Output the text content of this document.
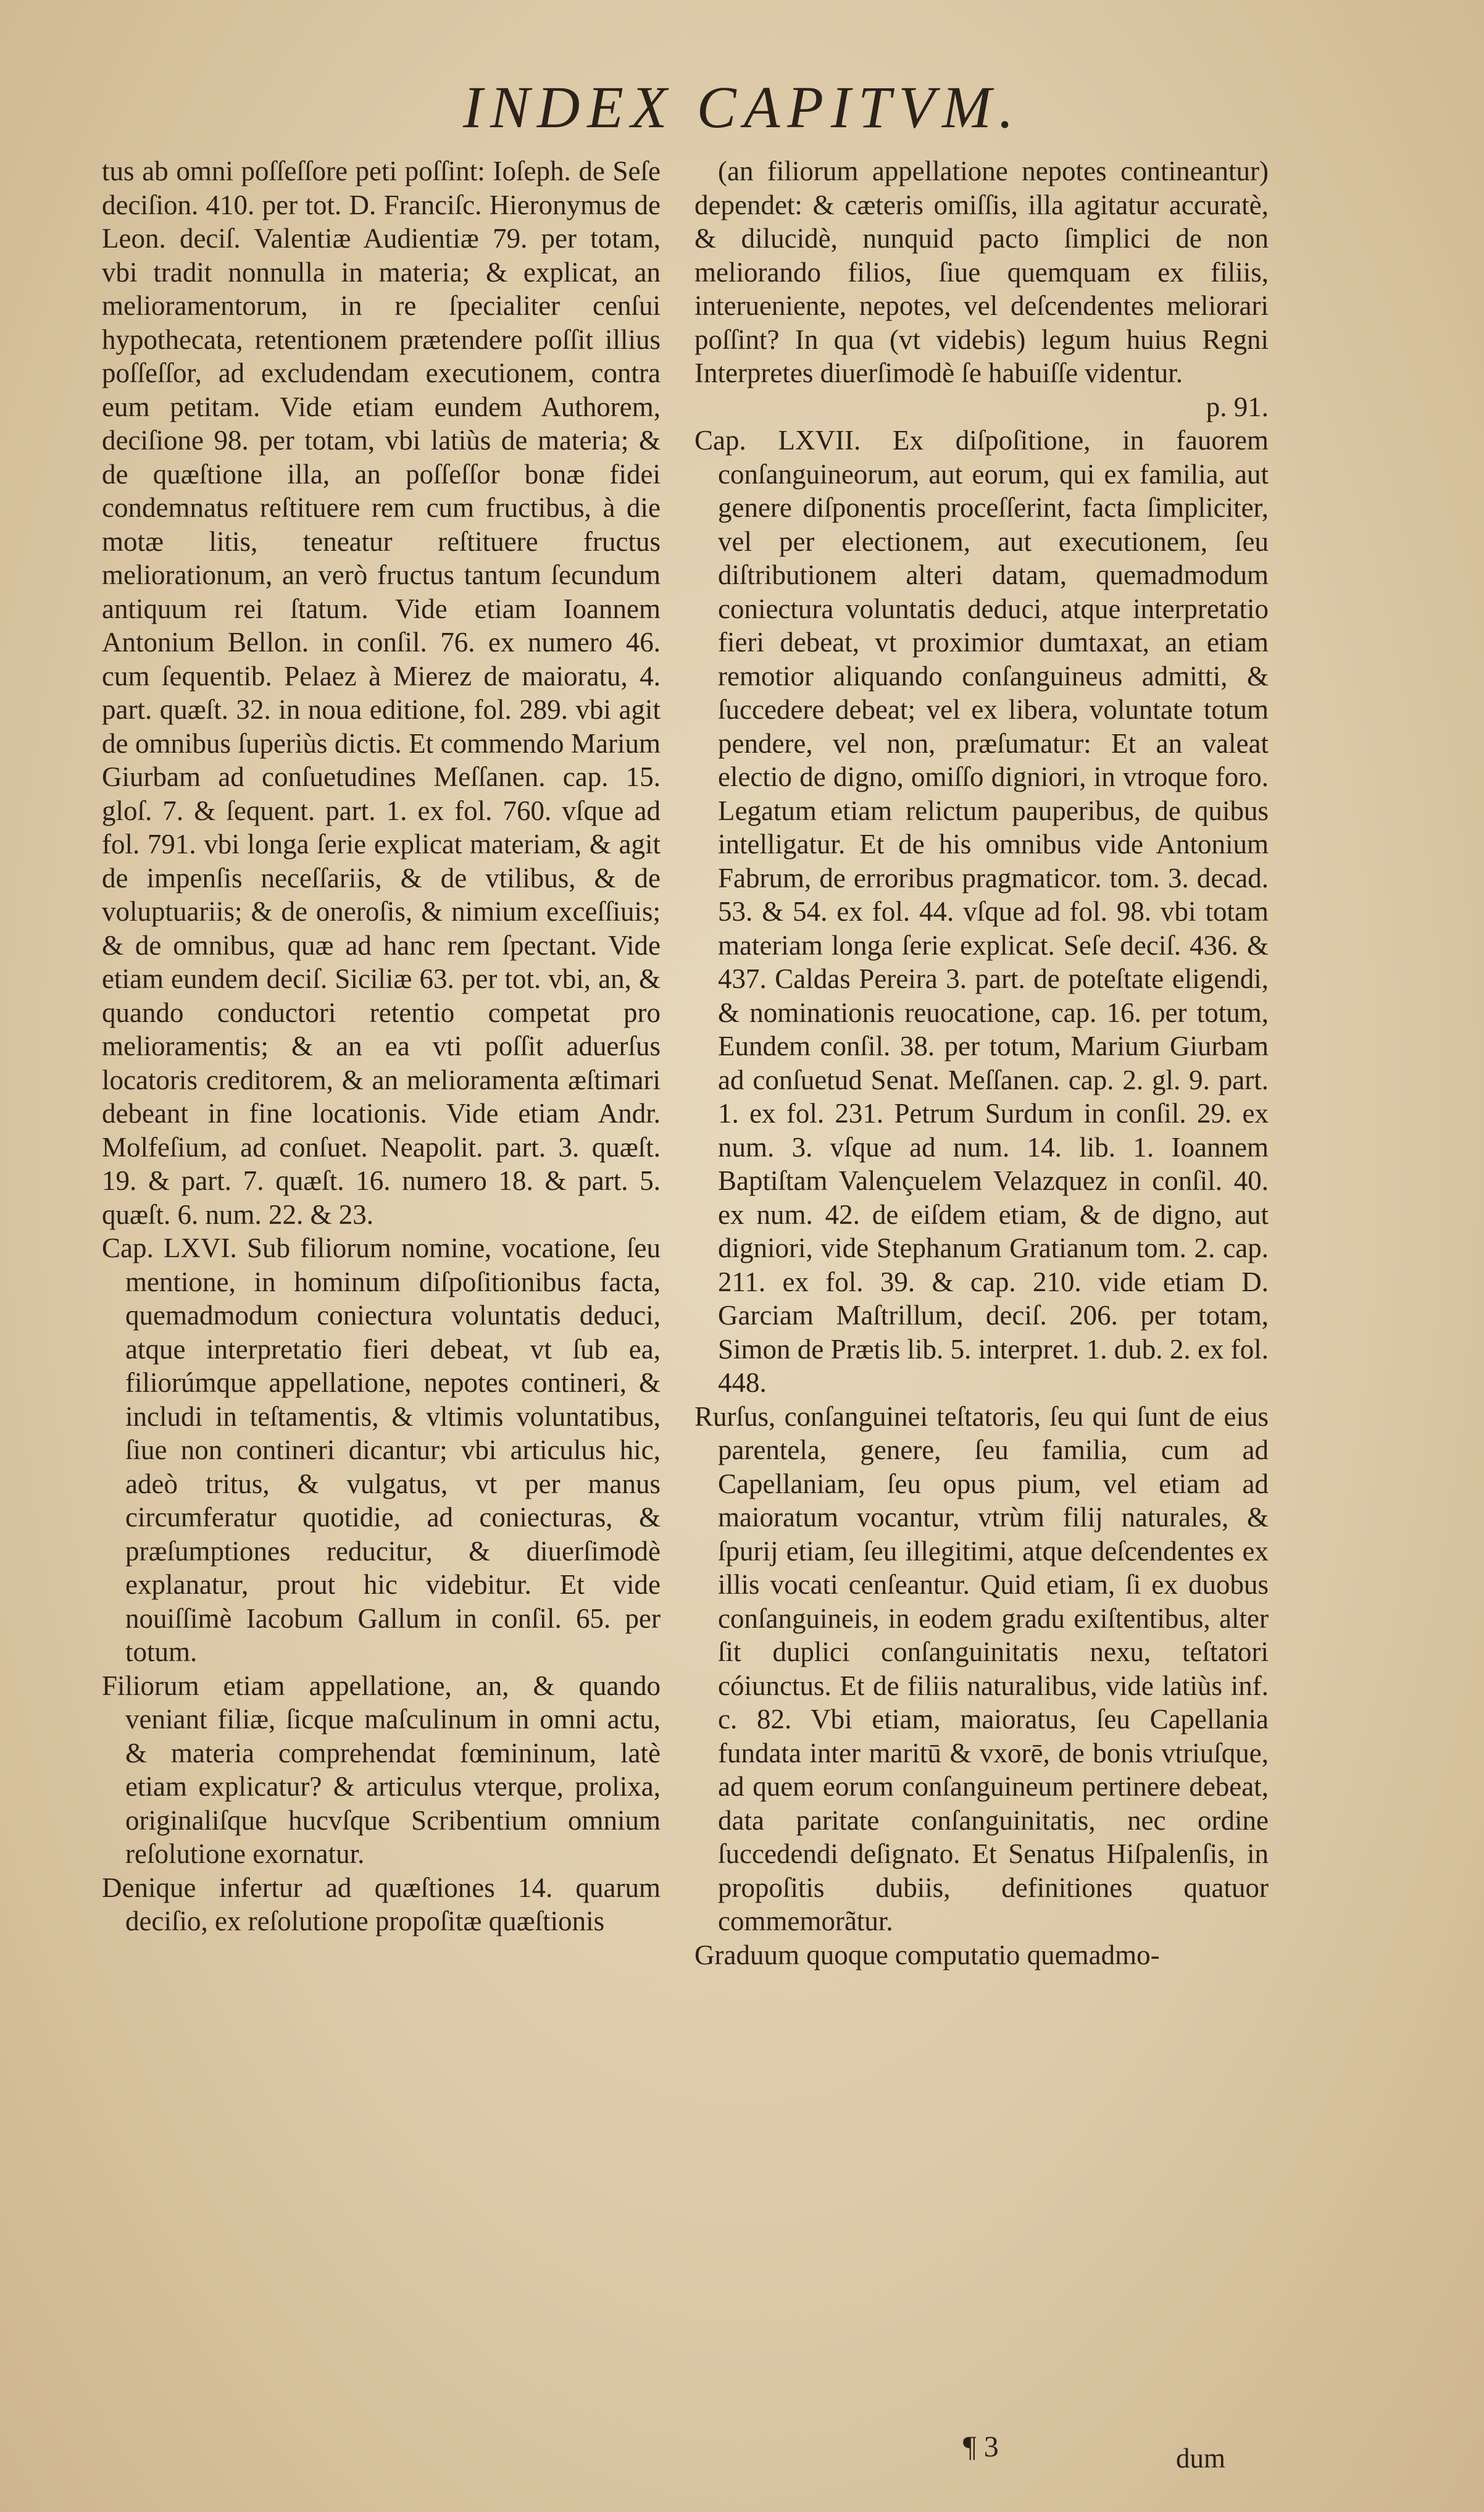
INDEX CAPITVM.

tus ab omni poſſeſſore peti poſſint: Ioſeph. de Seſe deciſion. 410. per tot. D. Franciſc. Hieronymus de Leon. deciſ. Valentiæ Audientiæ 79. per totam, vbi tradit nonnulla in materia; & explicat, an melioramentorum, in re ſpecialiter cenſui hypothecata, retentionem prætendere poſſit illius poſſeſſor, ad excludendam executionem, contra eum petitam. Vide etiam eundem Authorem, deciſione 98. per totam, vbi latiùs de materia; & de quæſtione illa, an poſſeſſor bonæ fidei condemnatus reſtituere rem cum fructibus, à die motæ litis, teneatur reſtituere fructus meliorationum, an verò fructus tantum ſecundum antiquum rei ſtatum. Vide etiam Ioannem Antonium Bellon. in conſil. 76. ex numero 46. cum ſequentib. Pelaez à Mierez de maioratu, 4. part. quæſt. 32. in noua editione, fol. 289. vbi agit de omnibus ſuperiùs dictis. Et commendo Marium Giurbam ad conſuetudines Meſſanen. cap. 15. gloſ. 7. & ſequent. part. 1. ex fol. 760. vſque ad fol. 791. vbi longa ſerie explicat materiam, & agit de impenſis neceſſariis, & de vtilibus, & de voluptuariis; & de oneroſis, & nimium exceſſiuis; & de omnibus, quæ ad hanc rem ſpectant. Vide etiam eundem deciſ. Siciliæ 63. per tot. vbi, an, & quando conductori retentio competat pro melioramentis; & an ea vti poſſit aduerſus locatoris creditorem, & an melioramenta æſtimari debeant in fine locationis. Vide etiam Andr. Molfeſium, ad conſuet. Neapolit. part. 3. quæſt. 19. & part. 7. quæſt. 16. numero 18. & part. 5. quæſt. 6. num. 22. & 23.

Cap. LXVI. Sub filiorum nomine, vocatione, ſeu mentione, in hominum diſpoſitionibus facta, quemadmodum coniectura voluntatis deduci, atque interpretatio fieri debeat, vt ſub ea, filiorúmque appellatione, nepotes contineri, & includi in teſtamentis, & vltimis voluntatibus, ſiue non contineri dicantur; vbi articulus hic, adeò tritus, & vulgatus, vt per manus circumferatur quotidie, ad coniecturas, & præſumptiones reducitur, & diuerſimodè explanatur, prout hic videbitur. Et vide nouiſſimè Iacobum Gallum in conſil. 65. per totum.

Filiorum etiam appellatione, an, & quando veniant filiæ, ſicque maſculinum in omni actu, & materia comprehendat fœmininum, latè etiam explicatur? & articulus vterque, prolixa, originaliſque hucvſque Scribentium omnium reſolutione exornatur.

Denique infertur ad quæſtiones 14. quarum deciſio, ex reſolutione propoſitæ quæſtionis

(an filiorum appellatione nepotes contineantur) dependet: & cæteris omiſſis, illa agitatur accuratè, & dilucidè, nunquid pacto ſimplici de non meliorando filios, ſiue quemquam ex filiis, interueniente, nepotes, vel deſcendentes meliorari poſſint? In qua (vt videbis) legum huius Regni Interpretes diuerſimodè ſe habuiſſe videntur.

p. 91.

Cap. LXVII. Ex diſpoſitione, in fauorem conſanguineorum, aut eorum, qui ex familia, aut genere diſponentis proceſſerint, facta ſimpliciter, vel per electionem, aut executionem, ſeu diſtributionem alteri datam, quemadmodum coniectura voluntatis deduci, atque interpretatio fieri debeat, vt proximior dumtaxat, an etiam remotior aliquando conſanguineus admitti, & ſuccedere debeat; vel ex libera, voluntate totum pendere, vel non, præſumatur: Et an valeat electio de digno, omiſſo digniori, in vtroque foro. Legatum etiam relictum pauperibus, de quibus intelligatur. Et de his omnibus vide Antonium Fabrum, de erroribus pragmaticor. tom. 3. decad. 53. & 54. ex fol. 44. vſque ad fol. 98. vbi totam materiam longa ſerie explicat. Seſe deciſ. 436. & 437. Caldas Pereira 3. part. de poteſtate eligendi, & nominationis reuocatione, cap. 16. per totum, Eundem conſil. 38. per totum, Marium Giurbam ad conſuetud Senat. Meſſanen. cap. 2. gl. 9. part. 1. ex fol. 231. Petrum Surdum in conſil. 29. ex num. 3. vſque ad num. 14. lib. 1. Ioannem Baptiſtam Valençuelem Velazquez in conſil. 40. ex num. 42. de eiſdem etiam, & de digno, aut digniori, vide Stephanum Gratianum tom. 2. cap. 211. ex fol. 39. & cap. 210. vide etiam D. Garciam Maſtrillum, deciſ. 206. per totam, Simon de Prætis lib. 5. interpret. 1. dub. 2. ex fol. 448.

Rurſus, conſanguinei teſtatoris, ſeu qui ſunt de eius parentela, genere, ſeu familia, cum ad Capellaniam, ſeu opus pium, vel etiam ad maioratum vocantur, vtrùm filij naturales, & ſpurij etiam, ſeu illegitimi, atque deſcendentes ex illis vocati cenſeantur. Quid etiam, ſi ex duobus conſanguineis, in eodem gradu exiſtentibus, alter ſit duplici conſanguinitatis nexu, teſtatori cóiunctus. Et de filiis naturalibus, vide latiùs inf. c. 82. Vbi etiam, maioratus, ſeu Capellania fundata inter maritū & vxorē, de bonis vtriuſque, ad quem eorum conſanguineum pertinere debeat, data paritate conſanguinitatis, nec ordine ſuccedendi deſignato. Et Senatus Hiſpalenſis, in propoſitis dubiis, definitiones quatuor commemorãtur.

Graduum quoque computatio quemadmo-

¶ 3	dum
